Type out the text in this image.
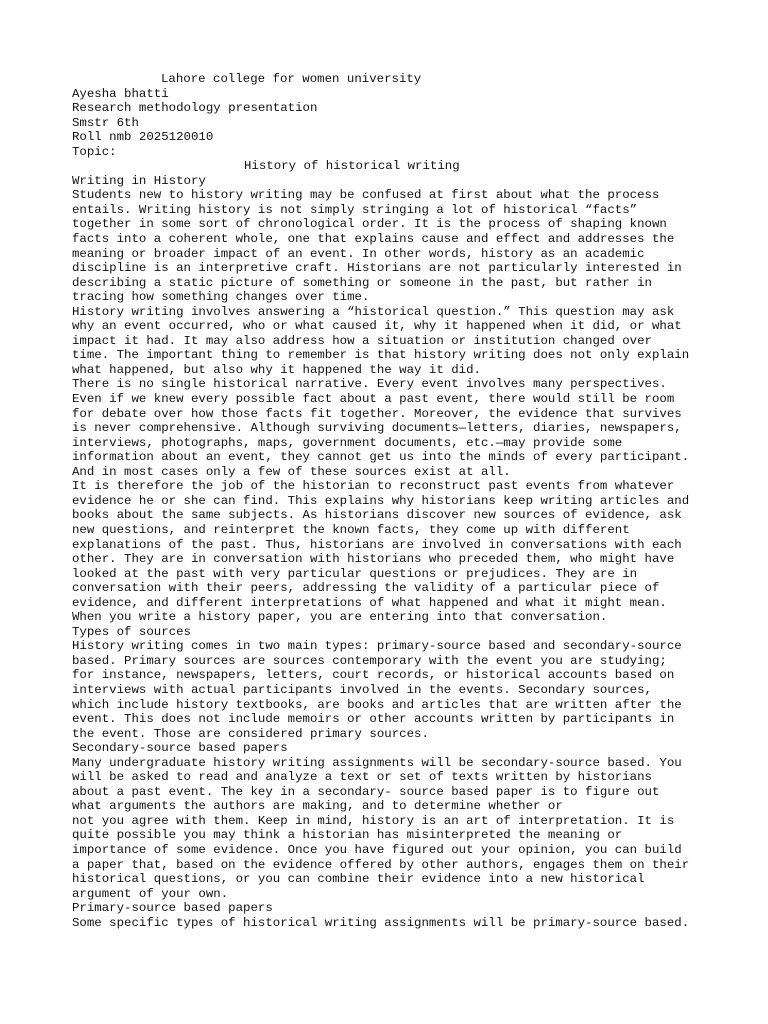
Lahore college for women university
Ayesha bhatti
Research methodology presentation
Smstr 6th
Roll nmb 2025120010
Topic:
History of historical writing
Writing in History
Students new to history writing may be confused at first about what the process
entails. Writing history is not simply stringing a lot of historical “facts”
together in some sort of chronological order. It is the process of shaping known
facts into a coherent whole, one that explains cause and effect and addresses the
meaning or broader impact of an event. In other words, history as an academic
discipline is an interpretive craft. Historians are not particularly interested in
describing a static picture of something or someone in the past, but rather in
tracing how something changes over time.
History writing involves answering a “historical question.” This question may ask
why an event occurred, who or what caused it, why it happened when it did, or what
impact it had. It may also address how a situation or institution changed over
time. The important thing to remember is that history writing does not only explain
what happened, but also why it happened the way it did.
There is no single historical narrative. Every event involves many perspectives.
Even if we knew every possible fact about a past event, there would still be room
for debate over how those facts fit together. Moreover, the evidence that survives
is never comprehensive. Although surviving documents—letters, diaries, newspapers,
interviews, photographs, maps, government documents, etc.—may provide some
information about an event, they cannot get us into the minds of every participant.
And in most cases only a few of these sources exist at all.
It is therefore the job of the historian to reconstruct past events from whatever
evidence he or she can find. This explains why historians keep writing articles and
books about the same subjects. As historians discover new sources of evidence, ask
new questions, and reinterpret the known facts, they come up with different
explanations of the past. Thus, historians are involved in conversations with each
other. They are in conversation with historians who preceded them, who might have
looked at the past with very particular questions or prejudices. They are in
conversation with their peers, addressing the validity of a particular piece of
evidence, and different interpretations of what happened and what it might mean.
When you write a history paper, you are entering into that conversation.
Types of sources
History writing comes in two main types: primary-source based and secondary-source
based. Primary sources are sources contemporary with the event you are studying;
for instance, newspapers, letters, court records, or historical accounts based on
interviews with actual participants involved in the events. Secondary sources,
which include history textbooks, are books and articles that are written after the
event. This does not include memoirs or other accounts written by participants in
the event. Those are considered primary sources.
Secondary-source based papers
Many undergraduate history writing assignments will be secondary-source based. You
will be asked to read and analyze a text or set of texts written by historians
about a past event. The key in a secondary- source based paper is to figure out
what arguments the authors are making, and to determine whether or
not you agree with them. Keep in mind, history is an art of interpretation. It is
quite possible you may think a historian has misinterpreted the meaning or
importance of some evidence. Once you have figured out your opinion, you can build
a paper that, based on the evidence offered by other authors, engages them on their
historical questions, or you can combine their evidence into a new historical
argument of your own.
Primary-source based papers
Some specific types of historical writing assignments will be primary-source based.
